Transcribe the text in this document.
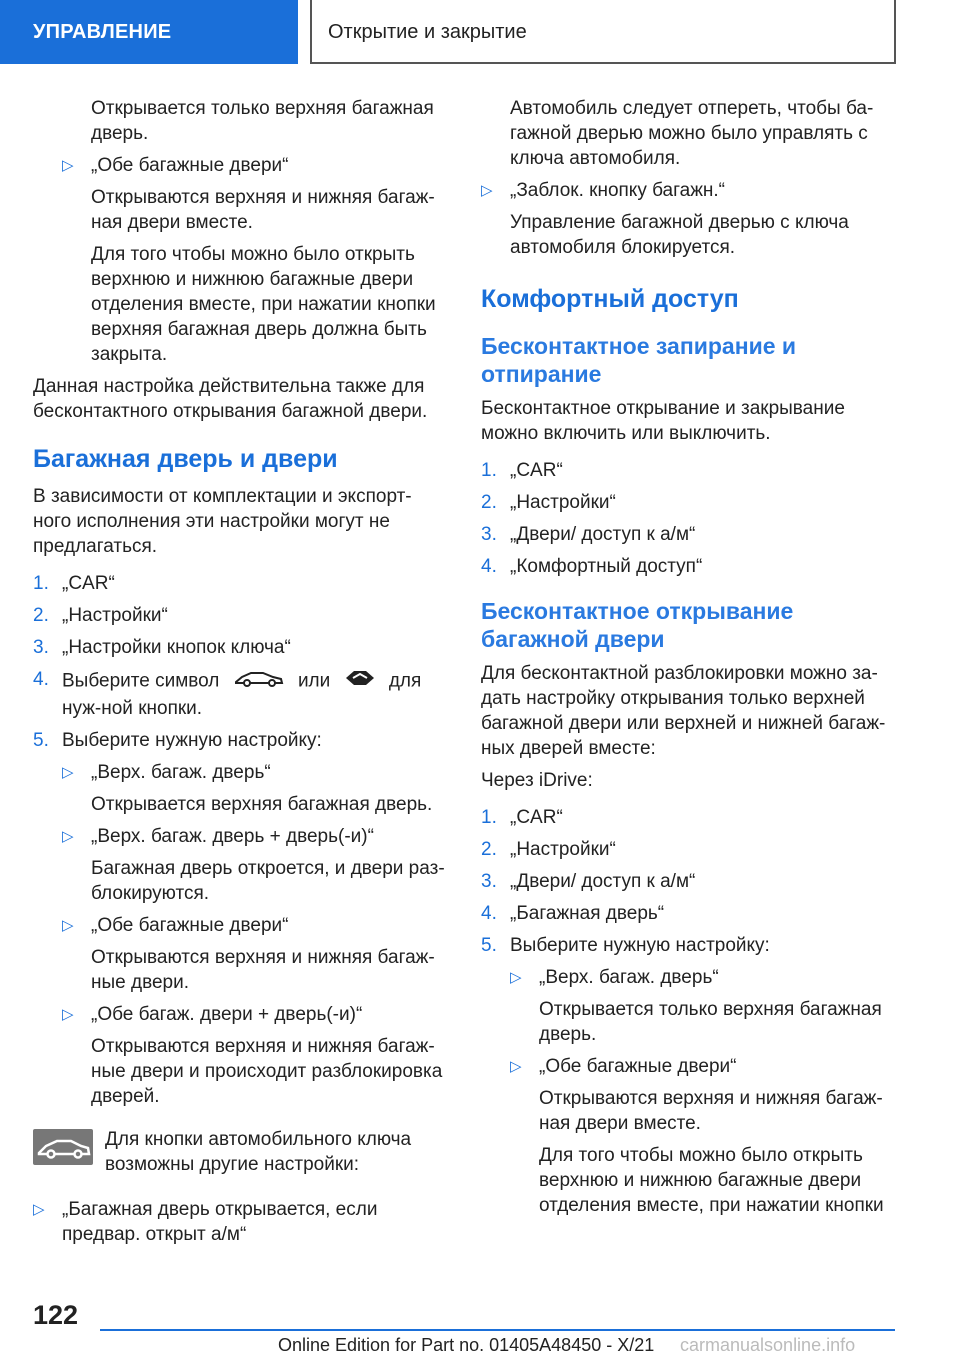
УПРАВЛЕНИЕ	Открытие и закрытие

Открывается только верхняя багажная дверь.

▷ „Обе багажные двери“

Открываются верхняя и нижняя багаж-ная двери вместе.

Для того чтобы можно было открыть верхнюю и нижнюю багажные двери отделения вместе, при нажатии кнопки верхняя багажная дверь должна быть закрыта.

Данная настройка действительна также для бесконтактного открывания багажной двери.

Багажная дверь и двери

В зависимости от комплектации и экспорт-ного исполнения эти настройки могут не предлагаться.

1. „CAR“
2. „Настройки“
3. „Настройки кнопок ключа“
4. Выберите символ	или	для нуж-ной кнопки.
5. Выберите нужную настройку:
▷ „Верх. багаж. дверь“

Открывается верхняя багажная дверь.

▷ „Верх. багаж. дверь + дверь(-и)“

Багажная дверь откроется, и двери раз-блокируются.

▷ „Обе багажные двери“

Открываются верхняя и нижняя багаж-ные двери.

▷ „Обе багаж. двери + дверь(-и)“

Открываются верхняя и нижняя багаж-ные двери и происходит разблокировка дверей.

Для кнопки автомобильного ключа возможны другие настройки:
▷ „Багажная дверь открывается, если предвар. открыт а/м“

Автомобиль следует отпереть, чтобы ба-гажной дверью можно было управлять с ключа автомобиля.

▷ „Заблок. кнопку багажн.“

Управление багажной дверью с ключа автомобиля блокируется.

Комфортный доступ
Бесконтактное запирание и отпирание

Бесконтактное открывание и закрывание можно включить или выключить.

1. „CAR“
2. „Настройки“
3. „Двери/ доступ к а/м“
4. „Комфортный доступ“
Бесконтактное открывание багажной двери

Для бесконтактной разблокировки можно за-дать настройку открывания только верхней багажной двери или верхней и нижней багаж-ных дверей вместе:

Через iDrive:

1. „CAR“
2. „Настройки“
3. „Двери/ доступ к а/м“
4. „Багажная дверь“
5. Выберите нужную настройку:
▷ „Верх. багаж. дверь“

Открывается только верхняя багажная дверь.

▷ „Обе багажные двери“

Открываются верхняя и нижняя багаж-ная двери вместе.

Для того чтобы можно было открыть верхнюю и нижнюю багажные двери отделения вместе, при нажатии кнопки

122
Online Edition for Part no. 01405A48450 - X/21 carmanualsonline.info
